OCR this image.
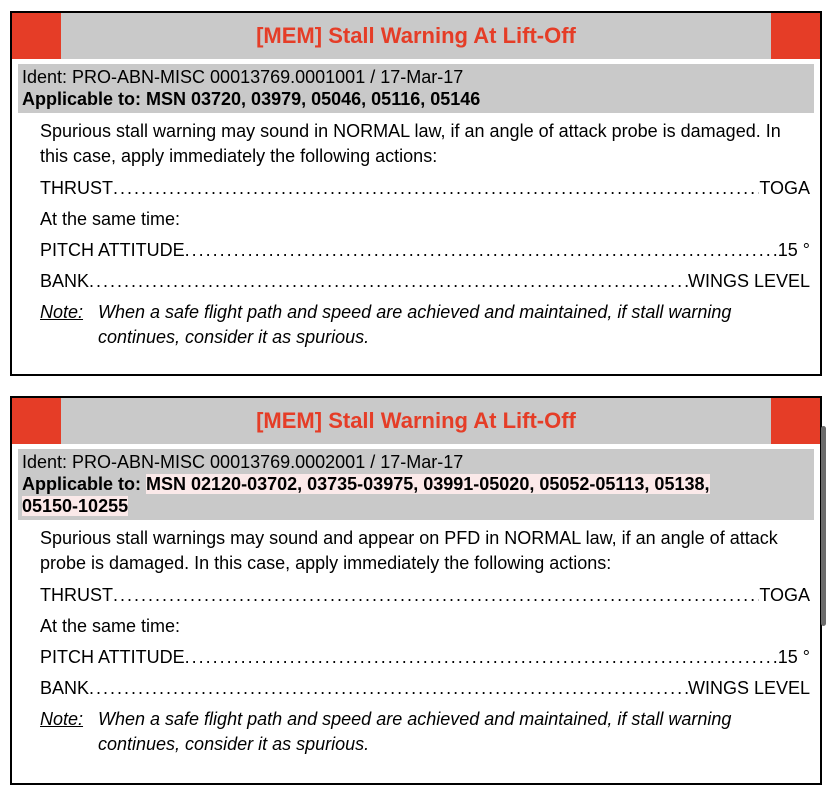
[MEM] Stall Warning At Lift-Off
Ident: PRO-ABN-MISC 00013769.0001001 / 17-Mar-17
Applicable to: MSN 03720, 03979, 05046, 05116, 05146
Spurious stall warning may sound in NORMAL law, if an angle of attack probe is damaged. In this case, apply immediately the following actions:
THRUST .....	TOGA
At the same time:
PITCH ATTITUDE .....	15 °
BANK .....	WINGS LEVEL
Note: When a safe flight path and speed are achieved and maintained, if stall warning continues, consider it as spurious.
[MEM] Stall Warning At Lift-Off
Ident: PRO-ABN-MISC 00013769.0002001 / 17-Mar-17
Applicable to: MSN 02120-03702, 03735-03975, 03991-05020, 05052-05113, 05138,
05150-10255
Spurious stall warnings may sound and appear on PFD in NORMAL law, if an angle of attack probe is damaged. In this case, apply immediately the following actions:
THRUST .....	TOGA
At the same time:
PITCH ATTITUDE .....	15 °
BANK .....	WINGS LEVEL
Note: When a safe flight path and speed are achieved and maintained, if stall warning continues, consider it as spurious.
